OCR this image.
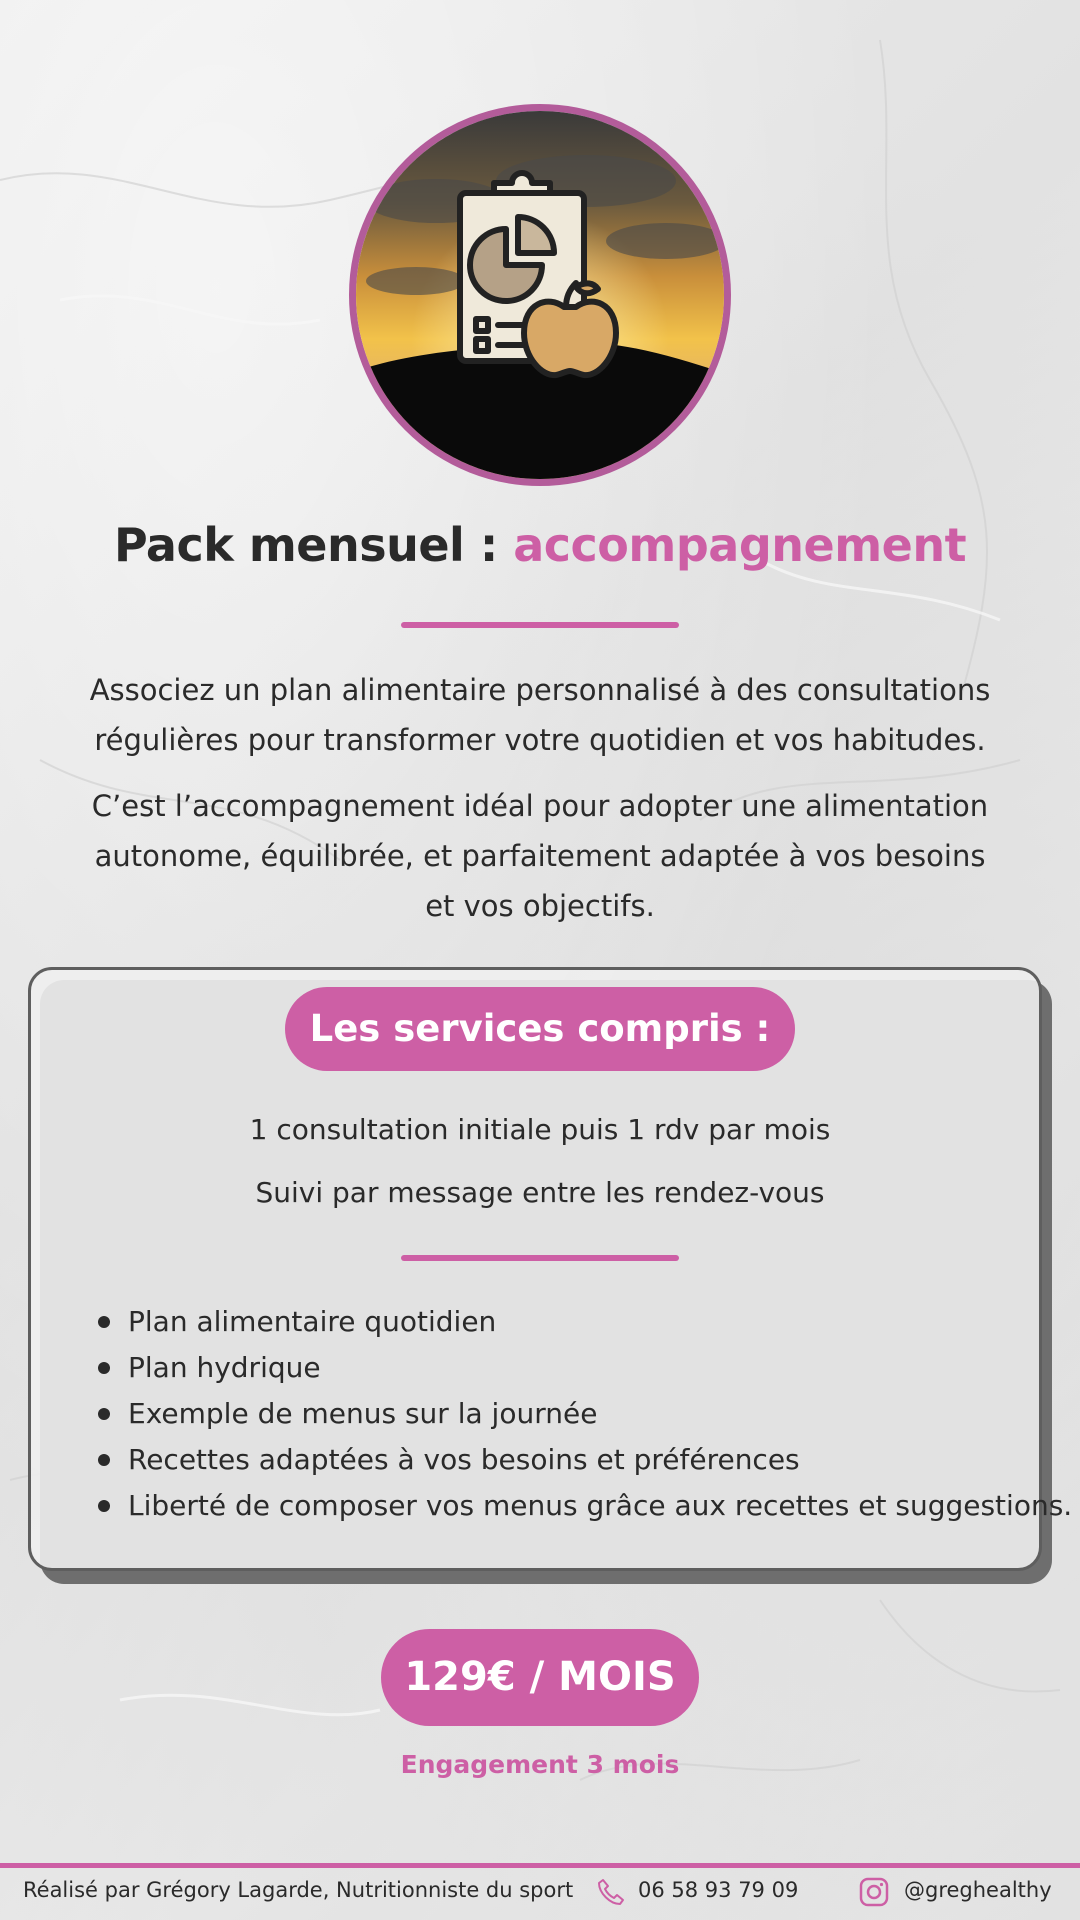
Pack mensuel : accompagnement
Associez un plan alimentaire personnalisé à des consultations régulières pour transformer votre quotidien et vos habitudes.
C’est l’accompagnement idéal pour adopter une alimentation autonome, équilibrée, et parfaitement adaptée à vos besoins et vos objectifs.
Les services compris :
1 consultation initiale puis 1 rdv par mois
Suivi par message entre les rendez-vous
Plan alimentaire quotidien
Plan hydrique
Exemple de menus sur la journée
Recettes adaptées à vos besoins et préférences
Liberté de composer vos menus grâce aux recettes et suggestions.
129€ / MOIS
Engagement 3 mois
Réalisé par Grégory Lagarde, Nutritionniste du sport	06 58 93 79 09	@greghealthy
